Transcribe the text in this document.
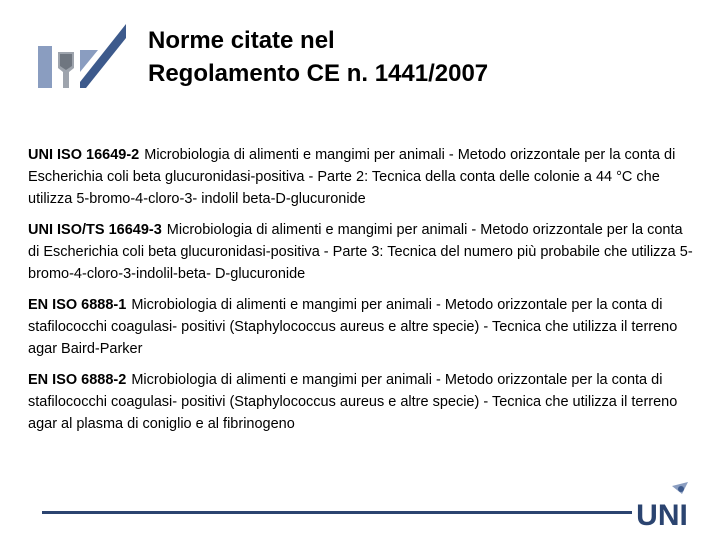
Norme citate nel
Regolamento CE n. 1441/2007

UNI ISO 16649-2 Microbiologia di alimenti e mangimi per animali - Metodo orizzontale per la conta di Escherichia coli beta glucuronidasi-positiva - Parte 2: Tecnica della conta delle colonie a 44 °C che utilizza 5-bromo-4-cloro-3- indolil beta-D-glucuronide

UNI ISO/TS 16649-3 Microbiologia di alimenti e mangimi per animali - Metodo orizzontale per la conta di Escherichia coli beta glucuronidasi-positiva - Parte 3: Tecnica del numero più probabile che utilizza 5-bromo-4-cloro-3-indolil-beta- D-glucuronide

EN ISO 6888-1 Microbiologia di alimenti e mangimi per animali - Metodo orizzontale per la conta di stafilococchi coagulasi- positivi (Staphylococcus aureus e altre specie) - Tecnica che utilizza il terreno agar Baird-Parker

EN ISO 6888-2 Microbiologia di alimenti e mangimi per animali - Metodo orizzontale per la conta di stafilococchi coagulasi- positivi (Staphylococcus aureus e altre specie) - Tecnica che utilizza il terreno agar al plasma di coniglio e al fibrinogeno

UNI
